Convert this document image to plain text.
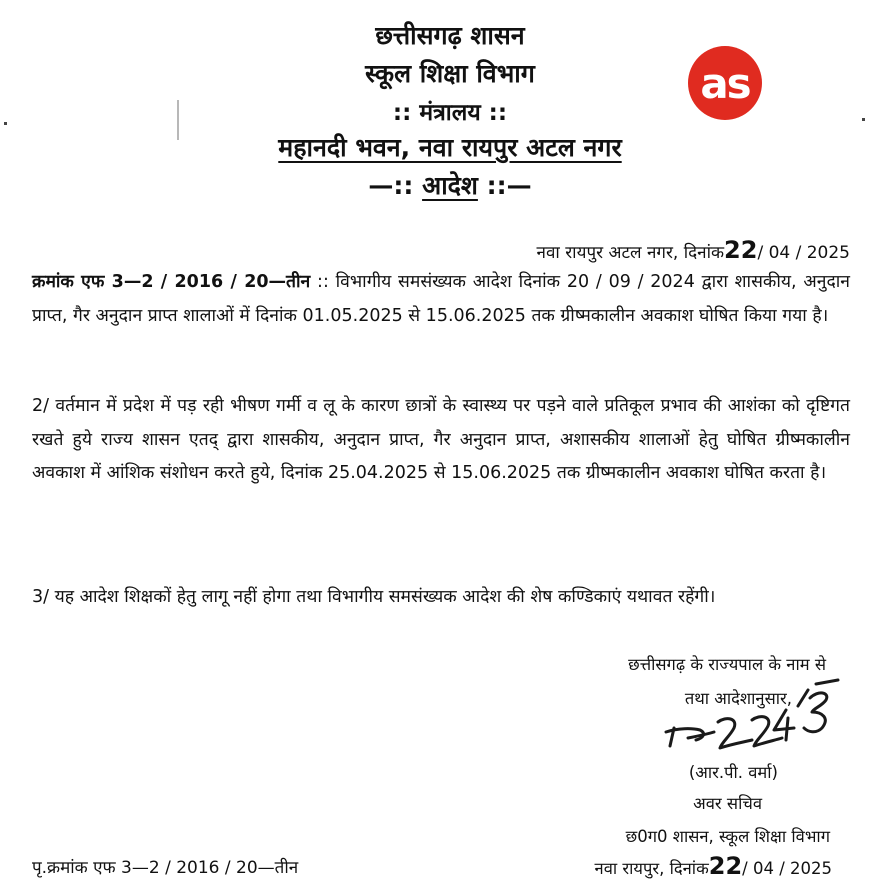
छत्तीसगढ़ शासन
स्कूल शिक्षा विभाग
:: मंत्रालय ::
महानदी भवन, नवा रायपुर अटल नगर
—:: आदेश ::—
as
नवा रायपुर अटल नगर, दिनांक22/ 04 / 2025
क्रमांक एफ 3—2 / 2016 / 20—तीन :: विभागीय समसंख्यक आदेश दिनांक 20 / 09 / 2024 द्वारा शासकीय, अनुदान प्राप्त, गैर अनुदान प्राप्त शालाओं में दिनांक 01.05.2025 से 15.06.2025 तक ग्रीष्मकालीन अवकाश घोषित किया गया है।
2/ वर्तमान में प्रदेश में पड़ रही भीषण गर्मी व लू के कारण छात्रों के स्वास्थ्य पर पड़ने वाले प्रतिकूल प्रभाव की आशंका को दृष्टिगत रखते हुये राज्य शासन एतद् द्वारा शासकीय, अनुदान प्राप्त, गैर अनुदान प्राप्त, अशासकीय शालाओं हेतु घोषित ग्रीष्मकालीन अवकाश में आंशिक संशोधन करते हुये, दिनांक 25.04.2025 से 15.06.2025 तक ग्रीष्मकालीन अवकाश घोषित करता है।
3/ यह आदेश शिक्षकों हेतु लागू नहीं होगा तथा विभागीय समसंख्यक आदेश की शेष कण्डिकाएं यथावत रहेंगी।
छत्तीसगढ़ के राज्यपाल के नाम से
तथा आदेशानुसार,
(आर.पी. वर्मा)
अवर सचिव
छ0ग0 शासन, स्कूल शिक्षा विभाग
नवा रायपुर, दिनांक22/ 04 / 2025
पृ.क्रमांक एफ 3—2 / 2016 / 20—तीन
